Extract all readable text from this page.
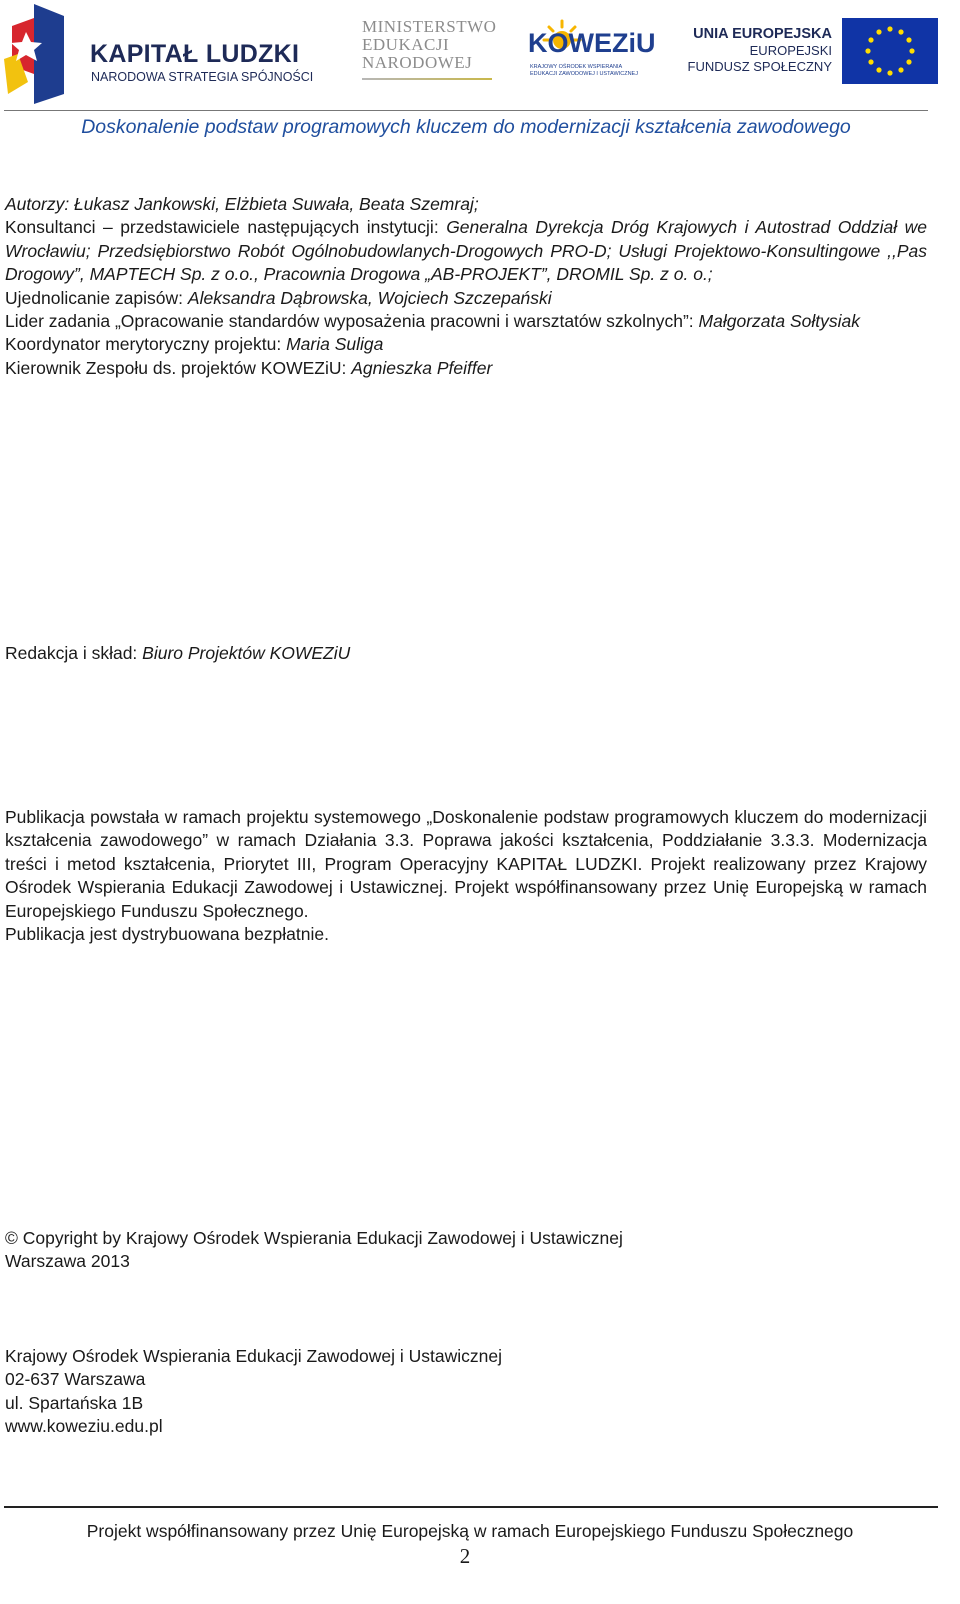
KAPITAŁ LUDZKI
NARODOWA STRATEGIA SPÓJNOŚCI
MINISTERSTWO
EDUKACJI
NARODOWEJ
KOWEZiU
KRAJOWY OŚRODEK WSPIERANIA
EDUKACJI ZAWODOWEJ I USTAWICZNEJ
UNIA EUROPEJSKA
EUROPEJSKI
FUNDUSZ SPOŁECZNY
Doskonalenie podstaw programowych kluczem do modernizacji kształcenia zawodowego

Autorzy: Łukasz Jankowski, Elżbieta Suwała, Beata Szemraj;

Konsultanci – przedstawiciele następujących instytucji: Generalna Dyrekcja Dróg Krajowych i Autostrad Oddział we Wrocławiu; Przedsiębiorstwo Robót Ogólnobudowlanych-Drogowych PRO-D; Usługi Projektowo-Konsultingowe ,,Pas Drogowy”, MAPTECH Sp. z o.o., Pracownia Drogowa „AB-PROJEKT”, DROMIL Sp. z o. o.;

Ujednolicanie zapisów: Aleksandra Dąbrowska, Wojciech Szczepański

Lider zadania „Opracowanie standardów wyposażenia pracowni i warsztatów szkolnych”: Małgorzata Sołtysiak

Koordynator merytoryczny projektu: Maria Suliga

Kierownik Zespołu ds. projektów KOWEZiU: Agnieszka Pfeiffer

Redakcja i skład: Biuro Projektów KOWEZiU

Publikacja powstała w ramach projektu systemowego „Doskonalenie podstaw programowych kluczem do modernizacji kształcenia zawodowego” w ramach Działania 3.3. Poprawa jakości kształcenia, Poddziałanie 3.3.3. Modernizacja treści i metod kształcenia, Priorytet III, Program Operacyjny KAPITAŁ LUDZKI. Projekt realizowany przez Krajowy Ośrodek Wspierania Edukacji Zawodowej i Ustawicznej. Projekt współfinansowany przez Unię Europejską w ramach Europejskiego Funduszu Społecznego.

Publikacja jest dystrybuowana bezpłatnie.

© Copyright by Krajowy Ośrodek Wspierania Edukacji Zawodowej i Ustawicznej

Warszawa 2013

Krajowy Ośrodek Wspierania Edukacji Zawodowej i Ustawicznej

02-637 Warszawa

ul. Spartańska 1B

www.koweziu.edu.pl

Projekt współfinansowany przez Unię Europejską w ramach Europejskiego Funduszu Społecznego
2
